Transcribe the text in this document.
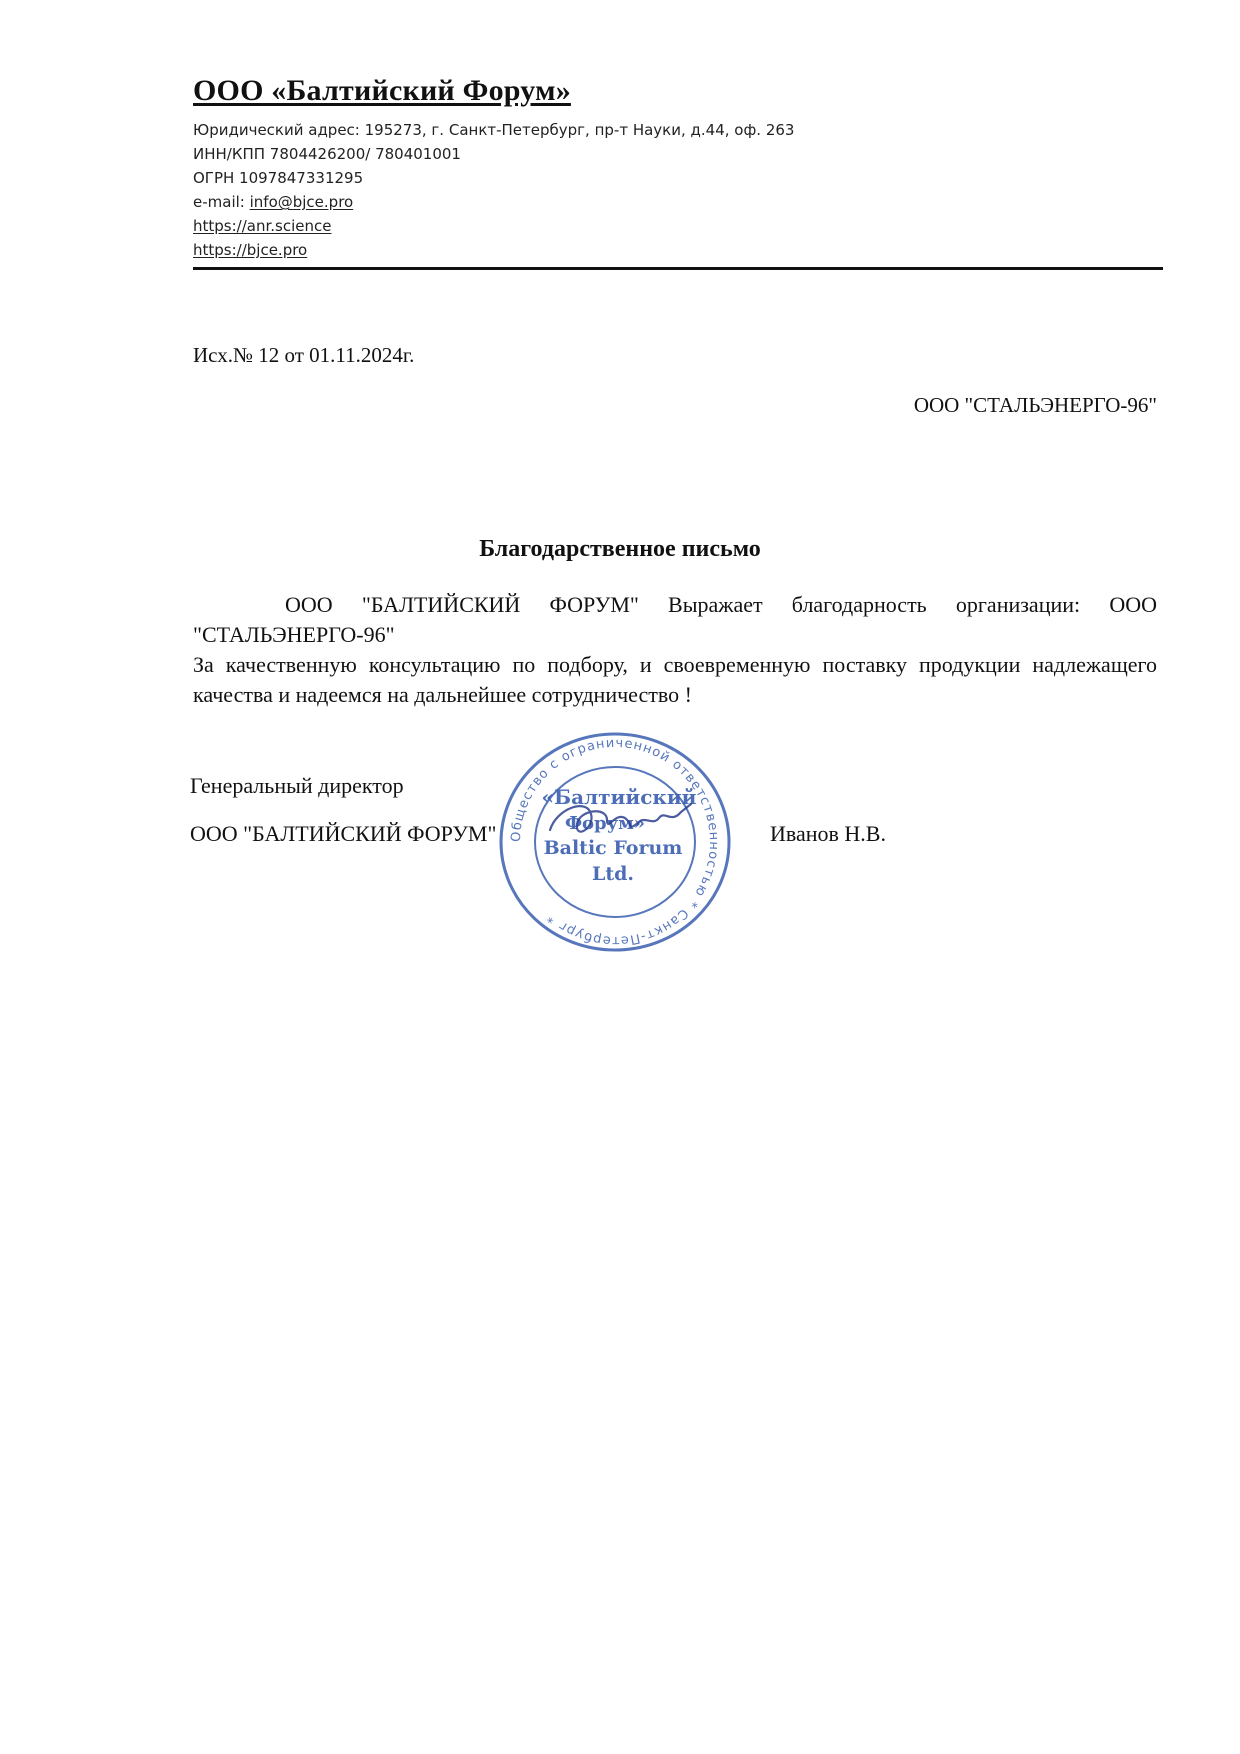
ООО «Балтийский Форум»

Юридический адрес: 195273, г. Санкт-Петербург, пр-т Науки, д.44, оф. 263

ИНН/КПП 7804426200/ 780401001

ОГРН 1097847331295

e-mail: info@bjce.pro

https://anr.science

https://bjce.pro

Исх.№ 12 от 01.11.2024г.
ООО "СТАЛЬЭНЕРГО-96"
Благодарственное письмо

ООО "БАЛТИЙСКИЙ ФОРУМ" Выражает благодарность организации: ООО "СТАЛЬЭНЕРГО-96"

За качественную консультацию по подбору, и своевременную поставку продукции надлежащего качества и надеемся на дальнейшее сотрудничество !

Генеральный директор
ООО "БАЛТИЙСКИЙ ФОРУМ"	Иванов Н.В.
Общество с ограниченной ответственностью * Санкт-Петербург *
«Балтийский
Форум»
Baltic Forum
Ltd.
